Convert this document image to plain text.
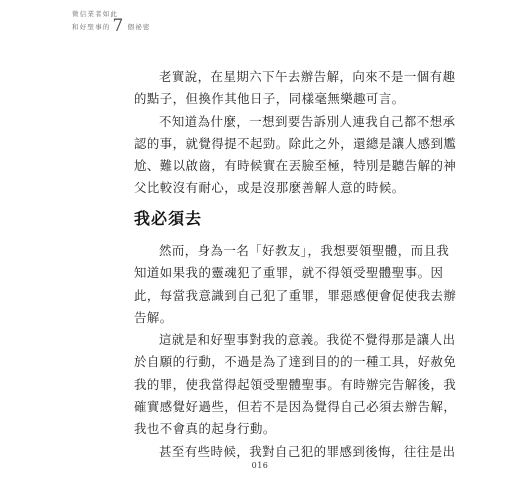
徵信業者如此
和好聖事的 7 個祕密

老實說，在星期六下午去辦告解，向來不是一個有趣
的點子，但換作其他日子，同樣毫無樂趣可言。

不知道為什麼，一想到要告訴別人連我自己都不想承
認的事，就覺得提不起勁。除此之外，還總是讓人感到尷
尬、難以啟齒，有時候實在丟臉至極，特別是聽告解的神
父比較沒有耐心，或是沒那麼善解人意的時候。

我必須去

然而，身為一名「好教友」，我想要領聖體，而且我
知道如果我的靈魂犯了重罪，就不得領受聖體聖事。因
此，每當我意識到自己犯了重罪，罪惡感便會促使我去辦
告解。

這就是和好聖事對我的意義。我從不覺得那是讓人出
於自願的行動，不過是為了達到目的的一種工具，好赦免
我的罪，使我當得起領受聖體聖事。有時辦完告解後，我
確實感覺好過些，但若不是因為覺得自己必須去辦告解，
我也不會真的起身行動。

甚至有些時候，我對自己犯的罪感到後悔，往往是出

016
